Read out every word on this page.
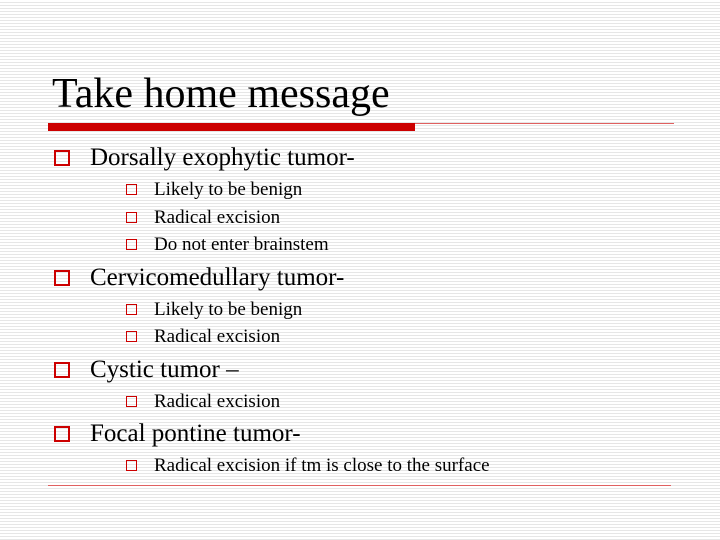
Take home message
Dorsally exophytic tumor-
Likely to be benign
Radical excision
Do not enter brainstem
Cervicomedullary tumor-
Likely to be benign
Radical excision
Cystic tumor –
Radical excision
Focal pontine tumor-
Radical excision if tm is close to the surface
